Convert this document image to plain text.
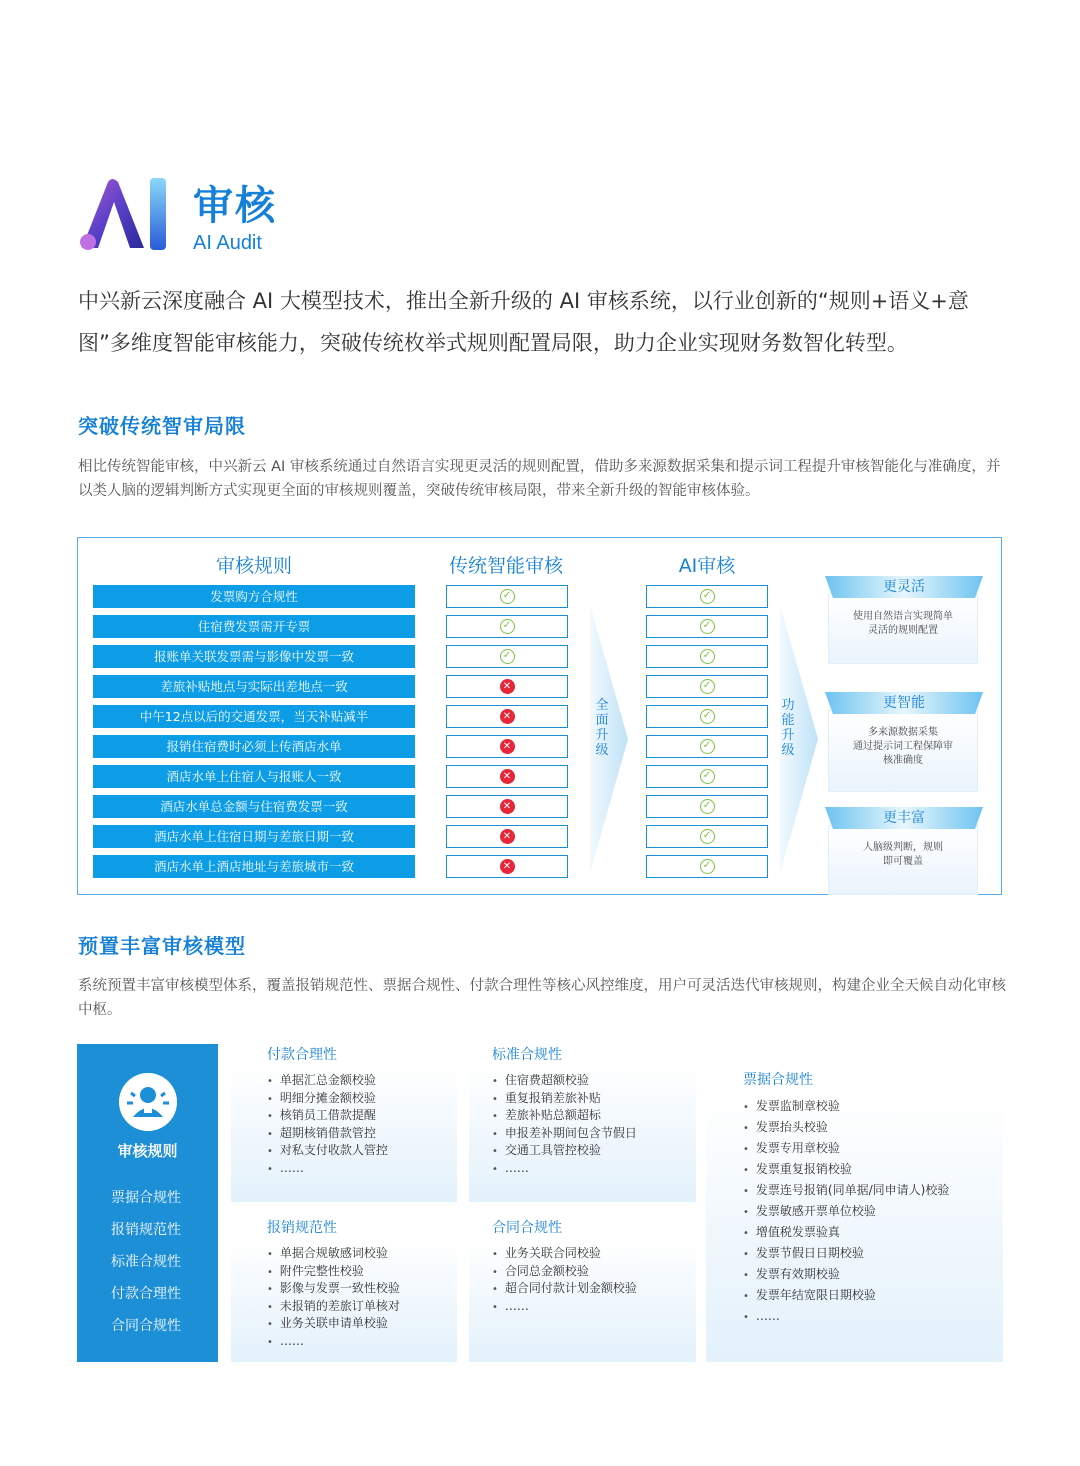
审核
AI Audit
中兴新云深度融合 AI 大模型技术，推出全新升级的 AI 审核系统，以行业创新的“规则+语义+意图”多维度智能审核能力，突破传统枚举式规则配置局限，助力企业实现财务数智化转型。
突破传统智审局限
相比传统智能审核，中兴新云 AI 审核系统通过自然语言实现更灵活的规则配置，借助多来源数据采集和提示词工程提升审核智能化与准确度，并以类人脑的逻辑判断方式实现更全面的审核规则覆盖，突破传统审核局限，带来全新升级的智能审核体验。
审核规则	传统智能审核	AI审核
发票购方合规性	✓	✓
住宿费发票需开专票	✓	✓
报账单关联发票需与影像中发票一致	✓	✓
差旅补贴地点与实际出差地点一致	✕	✓
中午12点以后的交通发票，当天补贴减半	✕	✓
报销住宿费时必须上传酒店水单	✕	✓
酒店水单上住宿人与报账人一致	✕	✓
酒店水单总金额与住宿费发票一致	✕	✓
酒店水单上住宿日期与差旅日期一致	✕	✓
酒店水单上酒店地址与差旅城市一致	✕	✓
全面升级
功能升级
更灵活
使用自然语言实现简单
灵活的规则配置
更智能
多来源数据采集
通过提示词工程保障审
核准确度
更丰富
人脑级判断，规则
即可覆盖
预置丰富审核模型
系统预置丰富审核模型体系，覆盖报销规范性、票据合规性、付款合理性等核心风控维度，用户可灵活迭代审核规则，构建企业全天候自动化审核中枢。
审核规则
票据合规性
报销规范性
标准合规性
付款合理性
合同合规性
付款合理性
• 单据汇总金额校验
• 明细分摊金额校验
• 核销员工借款提醒
• 超期核销借款管控
• 对私支付收款人管控
• ……
标准合规性
• 住宿费超额校验
• 重复报销差旅补贴
• 差旅补贴总额超标
• 申报差补期间包含节假日
• 交通工具管控校验
• ……
报销规范性
• 单据合规敏感词校验
• 附件完整性校验
• 影像与发票一致性校验
• 未报销的差旅订单核对
• 业务关联申请单校验
• ……
合同合规性
• 业务关联合同校验
• 合同总金额校验
• 超合同付款计划金额校验
• ……
票据合规性
• 发票监制章校验
• 发票抬头校验
• 发票专用章校验
• 发票重复报销校验
• 发票连号报销(同单据/同申请人)校验
• 发票敏感开票单位校验
• 增值税发票验真
• 发票节假日日期校验
• 发票有效期校验
• 发票年结宽限日期校验
• ……
